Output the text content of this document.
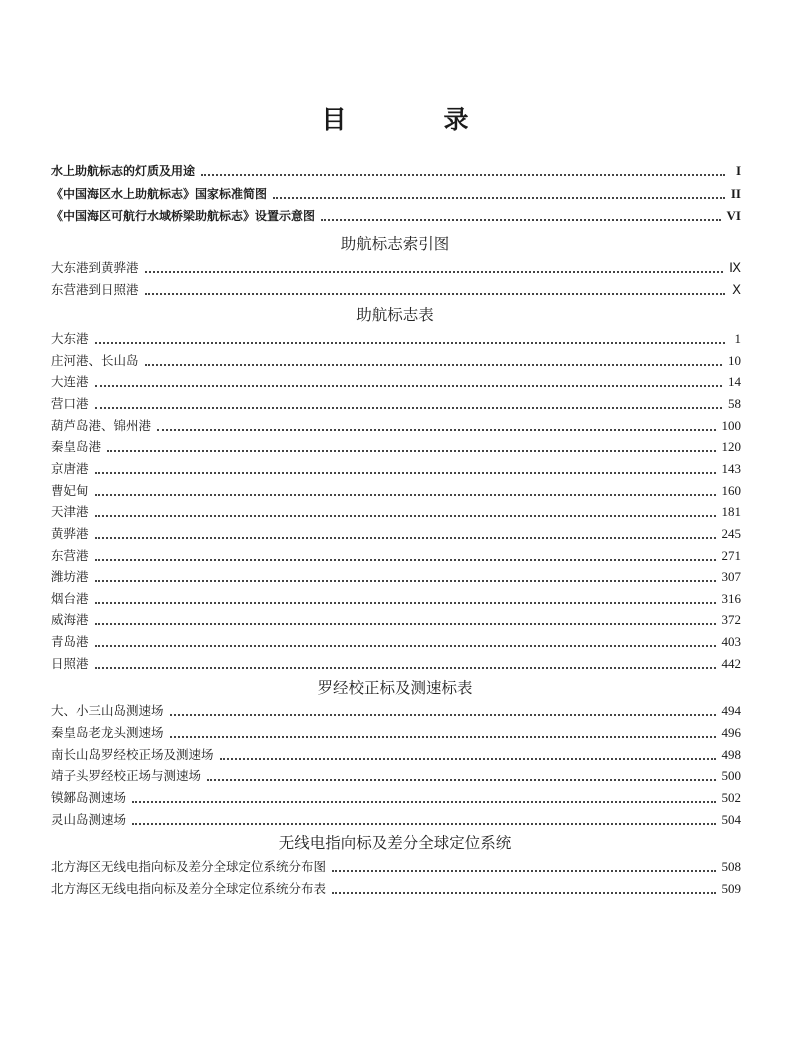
目　录
水上助航标志的灯质及用途	I
《中国海区水上助航标志》国家标准简图	II
《中国海区可航行水域桥梁助航标志》设置示意图	VI
助航标志索引图
大东港到黄骅港	Ⅸ
东营港到日照港	Ⅹ
助航标志表
大东港	1
庄河港、长山岛	10
大连港	14
营口港	58
葫芦岛港、锦州港	100
秦皇岛港	120
京唐港	143
曹妃甸	160
天津港	181
黄骅港	245
东营港	271
潍坊港	307
烟台港	316
威海港	372
青岛港	403
日照港	442
罗经校正标及测速标表
大、小三山岛测速场	494
秦皇岛老龙头测速场	496
南长山岛罗经校正场及测速场	498
靖子头罗经校正场与测速场	500
镆鋣岛测速场	502
灵山岛测速场	504
无线电指向标及差分全球定位系统
北方海区无线电指向标及差分全球定位系统分布图	508
北方海区无线电指向标及差分全球定位系统分布表	509
